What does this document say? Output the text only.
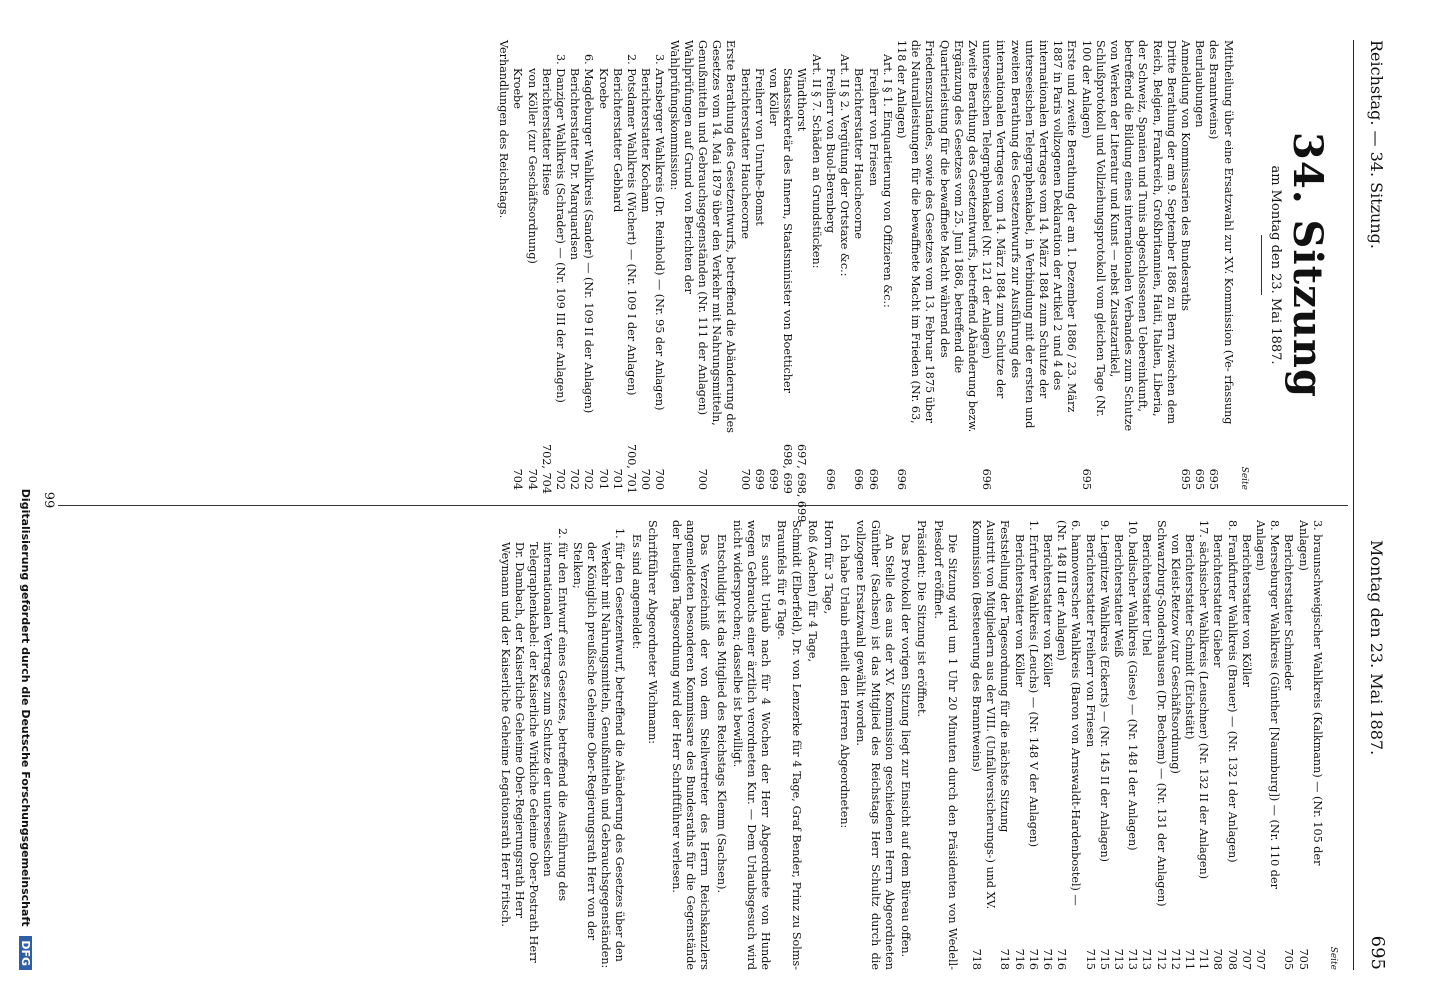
Reichstag. — 34. Sitzung.
Montag den 23. Mai 1887.
695
34. Sitzung
am Montag den 23. Mai 1887.
Seite
Mittheilung über eine Ersatzwahl zur XV. Kommission (Ve- rfassung des Branntweins)
695
Beurlaubungen
695
Anmeldung von Kommissarien des Bundesraths
695
Dritte Berathung der am 9. September 1886 zu Bern zwischen dem Reich, Belgien, Frankreich, Großbritannien, Haiti, Italien, Liberia, der Schweiz, Spanien und Tunis abgeschlossenen Uebereinkunft, betreffend die Bildung eines internationalen Verbandes zum Schutze von Werken der Literatur und Kunst — nebst Zusatzartikel, Schlußprotokoll und Vollziehungsprotokoll vom gleichen Tage (Nr. 100 der Anlagen)
695
Erste und zweite Berathung der am 1. Dezember 1886 / 23. März 1887 in Paris vollzogenen Deklaration der Artikel 2 und 4 des internationalen Vertrages vom 14. März 1884 zum Schutze der unterseeischen Telegraphenkabel, in Verbindung mit der ersten und zweiten Berathung des Gesetzentwurfs zur Ausführung des internationalen Vertrages vom 14. März 1884 zum Schutze der unterseeischen Telegraphenkabel (Nr. 121 der Anlagen)
696
Zweite Berathung des Gesetzentwurfs, betreffend Abänderung bezw. Ergänzung des Gesetzes vom 25. Juni 1868, betreffend die Quartierleistung für die bewaffnete Macht während des Friedenszustandes, sowie des Gesetzes vom 13. Februar 1875 über die Naturalleistungen für die bewaffnete Macht im Frieden (Nr. 63, 118 der Anlagen)
696
Art. I § 1. Einquartierung von Offizieren &c.:
Freiherr von Friesen
696
Berichterstatter Hauchecorne
696
Art. II § 2. Vergütung der Ortstaxe &c.:
Freiherr von Buol-Berenberg
696
Art. II § 7. Schäden an Grundstücken:
Windthorst
697, 698, 699
Staatssekretär des Innern, Staatsminister von Boetticher
698, 699
von Köller
699
Freiherr von Unruhe-Bomst
699
Berichterstatter Hauchecorne
700
Erste Berathung des Gesetzentwurfs, betreffend die Abänderung des Gesetzes vom 14. Mai 1879 über den Verkehr mit Nahrungsmitteln, Genußmitteln und Gebrauchsgegenständen (Nr. 111 der Anlagen)
700
Wahlprüfungen auf Grund von Berichten der Wahlprüfungskommission:
3. Arnsberger Wahlkreis (Dr. Reinhold) — (Nr. 95 der Anlagen)
700
Berichterstatter Kochann
700
2. Potsdamer Wahlkreis (Wichert) — (Nr. 109 I der Anlagen)
700, 701
Berichterstatter Gebhard
701
Kroebe
701
6. Magdeburger Wahlkreis (Sander) — (Nr. 109 II der Anlagen)
702
Berichterstatter Dr. Marquardsen
702
3. Danziger Wahlkreis (Schrader) — (Nr. 109 III der Anlagen)
702
Berichterstatter Hiese
702, 704
von Köller (zur Geschäftsordnung)
704
Kroebe
704
Verhandlungen des Reichstags.
Seite
3. braunschweigischer Wahlkreis (Kalkmann) — (Nr. 105 der Anlagen)
705
Berichterstatter Schmieder
705
8. Merseburger Wahlkreis (Günther [Naumburg]) — (Nr. 110 der Anlagen)
707
Berichterstatter von Köller
707
8. Frankfurter Wahlkreis (Brauer) — (Nr. 132 I der Anlagen)
708
Berichterstatter Gieber
708
17. sächsischer Wahlkreis (Leuschner) (Nr. 132 II der Anlagen)
711
Berichterstatter Schmidt (Eichstätt)
711
von Kleist-Retzow (zur Geschäftsordnung)
712
Schwarzburg-Sondershausen (Dr. Bechem) — (Nr. 131 der Anlagen)
712
Berichterstatter Uhel
713
10. badischer Wahlkreis (Giese) — (Nr. 148 I der Anlagen)
713
Berichterstatter Weiß
713
9. Liegnitzer Wahlkreis (Eckerts) — (Nr. 145 II der Anlagen)
715
Berichterstatter Freiherr von Friesen
715
6. hannoverscher Wahlkreis (Baron von Arnswaldt-Hardenbostel) — (Nr. 148 III der Anlagen)
716
Berichterstatter von Köller
716
1. Erfurter Wahlkreis (Leuchs) — (Nr. 148 V der Anlagen)
716
Berichterstatter von Köller
716
Feststellung der Tagesordnung für die nächste Sitzung
718
Austritt von Mitgliedern aus der VIII. (Unfallversicherungs-) und XV. Kommission (Besteuerung des Branntweins)
718
Die Sitzung wird um 1 Uhr 20 Minuten durch den Präsidenten von Wedell-Piesdorf eröffnet.
Präsident: Die Sitzung ist eröffnet.
Das Protokoll der vorigen Sitzung liegt zur Einsicht auf dem Büreau offen.
An Stelle des aus der XV. Kommission geschiedenen Herrn Abgeordneten Günther (Sachsen) ist das Mitglied des Reichstags Herr Schultz durch die vollzogene Ersatzwahl gewählt worden.
Ich habe Urlaub ertheilt den Herren Abgeordneten:
Horn für 3 Tage,
Roß (Aachen) für 4 Tage,
Schmidt (Elberfeld), Dr. von Lenzerke für 4 Tage, Graf Bender, Prinz zu Solms-Braunfels für 6 Tage.
Es sucht Urlaub nach für 4 Wochen der Herr Abgeordnete von Hunde wegen Gebrauchs einer ärztlich verordneten Kur. — Dem Urlaubsgesuch wird nicht widersprochen; dasselbe ist bewilligt.
Entschuldigt ist das Mitglied des Reichstags Klemm (Sachsen).
Das Verzeichniß der von dem Stellvertreter des Herrn Reichskanzlers angemeldeten besonderen Kommissare des Bundesraths für die Gegenstände der heutigen Tagesordnung wird der Herr Schriftführer verlesen.
Schriftführer Abgeordneter Wichmann:
Es sind angemeldet:
1. für den Gesetzentwurf, betreffend die Abänderung des Gesetzes über den Verkehr mit Nahrungsmitteln, Genußmitteln und Gebrauchsgegenständen: der Königlich preußische Geheime Ober-Regierungsrath Herr von der Stelken;
2. für den Entwurf eines Gesetzes, betreffend die Ausführung des internationalen Vertrages zum Schutze der unterseeischen Telegraphenkabel: der Kaiserliche Wirkliche Geheime Ober-Postrath Herr Dr. Dambach, der Kaiserliche Geheime Ober-Regierungsrath Herr Weymann und der Kaiserliche Geheime Legationsrath Herr Fritsch.
99
Digitalisierung gefördert durch die Deutsche Forschungsgemeinschaft DFG
